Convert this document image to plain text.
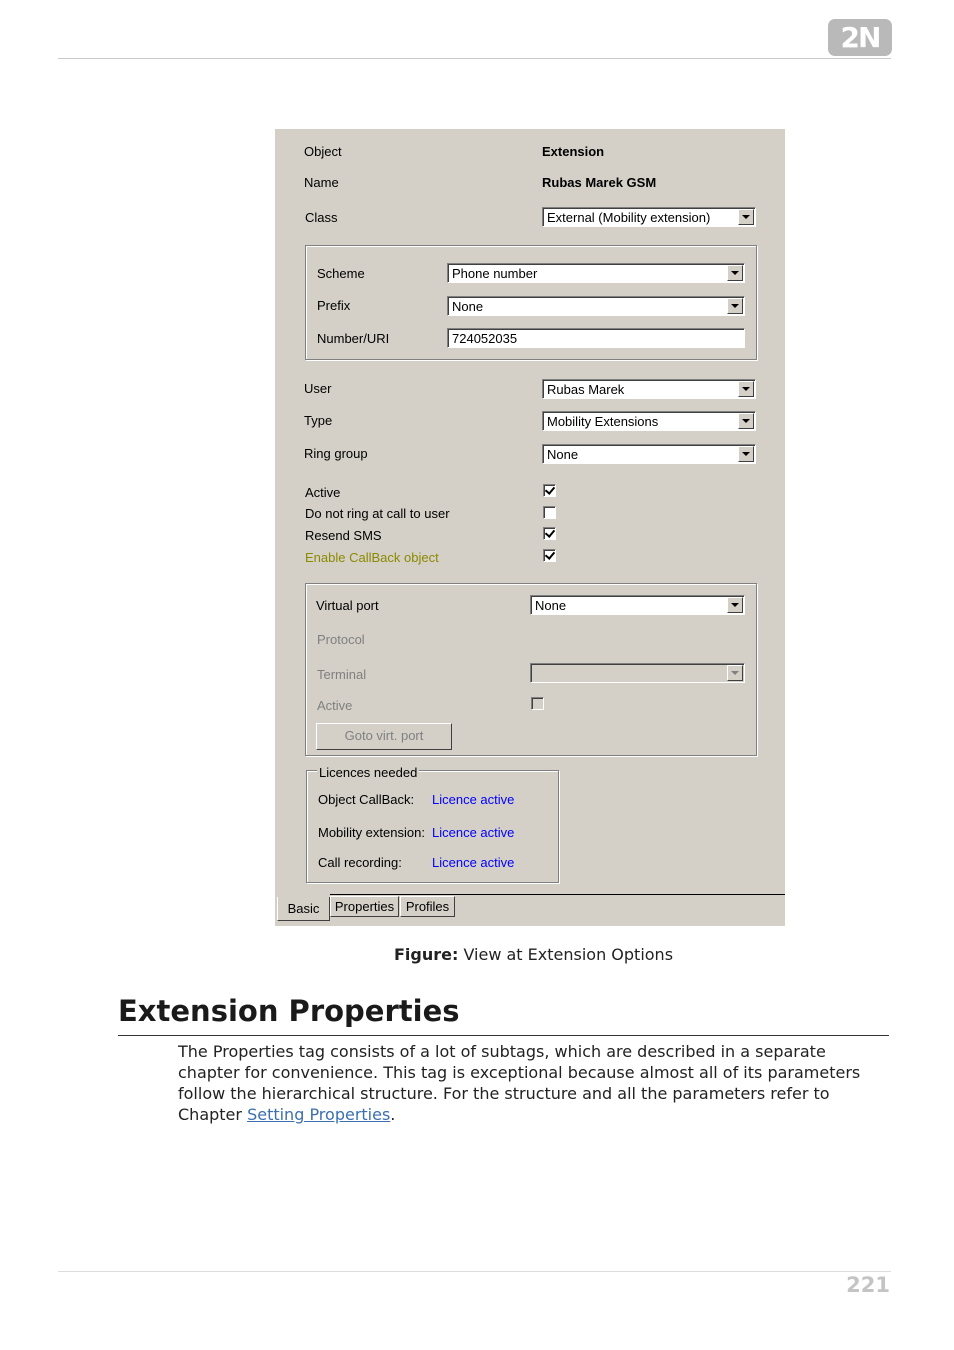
2N
Object	Extension
Name	Rubas Marek GSM
Class	External (Mobility extension)
Scheme	Phone number
Prefix	None
Number/URI	724052035
User	Rubas Marek
Type	Mobility Extensions
Ring group	None
Active
Do not ring at call to user
Resend SMS
Enable CallBack object
Virtual port	None
Protocol
Terminal
Active
Goto virt. port
Licences needed
Object CallBack: Licence active
Mobility extension: Licence active
Call recording: Licence active
Basic	Properties Profiles
Figure: View at Extension Options
Extension Properties
The Properties tag consists of a lot of subtags, which are described in a separate chapter for convenience. This tag is exceptional because almost all of its parameters follow the hierarchical structure. For the structure and all the parameters refer to Chapter Setting Properties.
221
